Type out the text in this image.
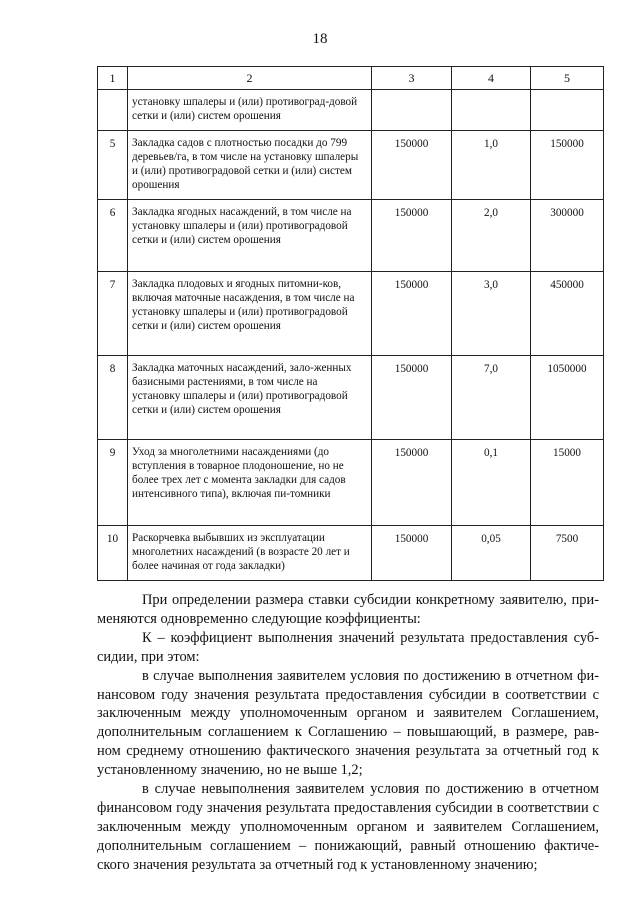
18
1	2	3	4	5

	установку шпалеры и (или) противоград-довой сетки и (или) систем орошения			

5	Закладка садов с плотностью посадки до 799 деревьев/га, в том числе на установку шпалеры и (или) противоградовой сетки и (или) систем орошения	150000	1,0	150000

6	Закладка ягодных насаждений, в том числе на установку шпалеры и (или) противоградовой сетки и (или) систем орошения	150000	2,0	300000

7	Закладка плодовых и ягодных питомни-ков, включая маточные насаждения, в том числе на установку шпалеры и (или) противоградовой сетки и (или) систем орошения	150000	3,0	450000

8	Закладка маточных насаждений, зало-женных базисными растениями, в том числе на установку шпалеры и (или) противоградовой сетки и (или) систем орошения	150000	7,0	1050000

9	Уход за многолетними насаждениями (до вступления в товарное плодоношение, но не более трех лет с момента закладки для садов интенсивного типа), включая пи-томники	150000	0,1	15000

10	Раскорчевка выбывших из эксплуатации многолетних насаждений (в возрасте 20 лет и более начиная от года закладки)	150000	0,05	7500

При определении размера ставки субсидии конкретному заявителю, при-меняются одновременно следующие коэффициенты:

К – коэффициент выполнения значений результата предоставления суб-сидии, при этом:

в случае выполнения заявителем условия по достижению в отчетном фи-нансовом году значения результата предоставления субсидии в соответствии с заключенным между уполномоченным органом и заявителем Соглашением, дополнительным соглашением к Соглашению – повышающий, в размере, рав-ном среднему отношению фактического значения результата за отчетный год к установленному значению, но не выше 1,2;

в случае невыполнения заявителем условия по достижению в отчетном финансовом году значения результата предоставления субсидии в соответствии с заключенным между уполномоченным органом и заявителем Соглашением, дополнительным соглашением – понижающий, равный отношению фактиче-ского значения результата за отчетный год к установленному значению;
